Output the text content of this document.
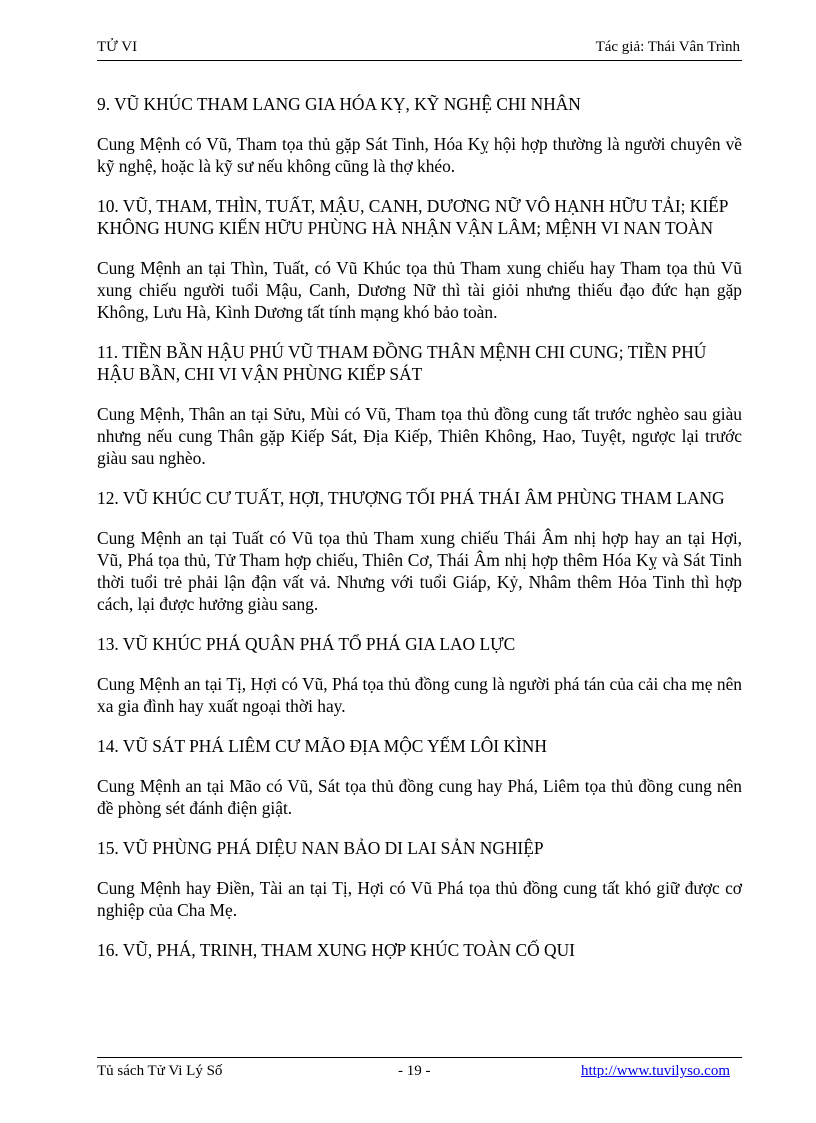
TỬ VI	Tác giả: Thái Vân Trình
9. VŨ KHÚC THAM LANG GIA HÓA KỴ, KỸ NGHỆ CHI NHÂN
Cung Mệnh có Vũ, Tham tọa thủ gặp Sát Tinh, Hóa Kỵ hội hợp thường là người chuyên về kỹ nghệ, hoặc là kỹ sư nếu không cũng là thợ khéo.
10. VŨ, THAM, THÌN, TUẤT, MẬU, CANH, DƯƠNG NỮ VÔ HẠNH HỮU TẢI; KIẾP KHÔNG HUNG KIẾN HỮU PHÙNG HÀ NHẬN VẬN LÂM; MỆNH VI NAN TOÀN
Cung Mệnh an tại Thìn, Tuất, có Vũ Khúc tọa thủ Tham xung chiếu hay Tham tọa thủ Vũ xung chiếu người tuổi Mậu, Canh, Dương Nữ thì tài giỏi nhưng thiếu đạo đức hạn gặp Không, Lưu Hà, Kình Dương tất tính mạng khó bảo toàn.
11. TIỀN BẦN HẬU PHÚ VŨ THAM ĐỒNG THÂN MỆNH CHI CUNG; TIỀN PHÚ HẬU BẦN, CHI VI VẬN PHÙNG KIẾP SÁT
Cung Mệnh, Thân an tại Sửu, Mùi có Vũ, Tham tọa thủ đồng cung tất trước nghèo sau giàu nhưng nếu cung Thân gặp Kiếp Sát, Địa Kiếp, Thiên Không, Hao, Tuyệt, ngược lại trước giàu sau nghèo.
12. VŨ KHÚC CƯ TUẤT, HỢI, THƯỢNG TỐI PHÁ THÁI ÂM PHÙNG THAM LANG
Cung Mệnh an tại Tuất có Vũ tọa thủ Tham xung chiếu Thái Âm nhị hợp hay an tại Hợi, Vũ, Phá tọa thủ, Tử Tham hợp chiếu, Thiên Cơ, Thái Âm nhị hợp thêm Hóa Kỵ và Sát Tinh thời tuổi trẻ phải lận đận vất vả. Nhưng với tuổi Giáp, Kỷ, Nhâm thêm Hỏa Tinh thì hợp cách, lại được hưởng giàu sang.
13. VŨ KHÚC PHÁ QUÂN PHÁ TỔ PHÁ GIA LAO LỰC
Cung Mệnh an tại Tị, Hợi có Vũ, Phá tọa thủ đồng cung là người phá tán của cải cha mẹ nên xa gia đình hay xuất ngoại thời hay.
14. VŨ SÁT PHÁ LIÊM CƯ MÃO ĐỊA MỘC YẾM LÔI KÌNH
Cung Mệnh an tại Mão có Vũ, Sát tọa thủ đồng cung hay Phá, Liêm tọa thủ đồng cung nên đề phòng sét đánh điện giật.
15. VŨ PHÙNG PHÁ DIỆU NAN BẢO DI LAI SẢN NGHIỆP
Cung Mệnh hay Điền, Tài an tại Tị, Hợi có Vũ Phá tọa thủ đồng cung tất khó giữ được cơ nghiệp của Cha Mẹ.
16. VŨ, PHÁ, TRINH, THAM XUNG HỢP KHÚC TOÀN CỐ QUI
Tủ sách Tử Vi Lý Số	- 19 -	http://www.tuvilyso.com
